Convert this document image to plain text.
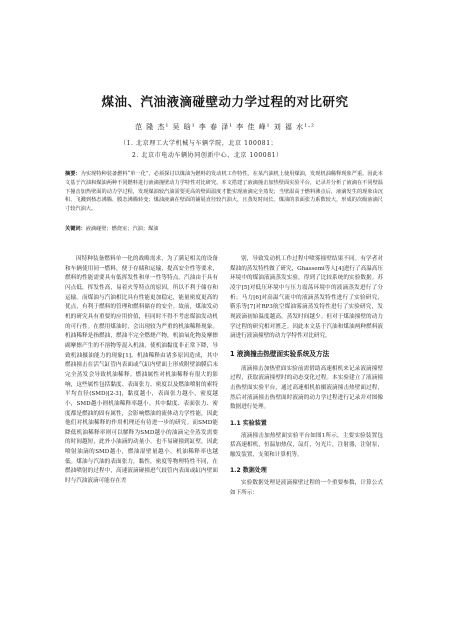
煤油、汽油液滴碰壁动力学过程的对比研究
范 隆 杰¹ 吴 晗¹ 李 春 泽¹ 李 佳 峰¹ 刘 福 水¹·²
（1. 北京理工大学机械与车辆学院，北京 100081；
2. 北京市电动车辆协同创新中心，北京 100081）
摘要：为实现特种装备燃料“单一化”，必须探讨以煤油为燃料的发动机工作特性。在某汽油机上使用煤油，发现机油稀释现象严重。因此本文基于汽油和煤油两种不同燃料进行液滴撞壁动力学特性对比研究。本文搭建了液滴撞击加热壁面实验平台，记录并分析了液滴在不同壁温下撞击加热壁面的动力学过程，发现煤油较汽油需要更高的壁面温度才能实现液滴完全蒸发；当壁温高于燃料沸点后，液滴发生的现象由沉积、飞溅到核态沸腾、膜态沸腾转变；煤油液滴在壁面的铺展直径较汽油大，且蒸发时间长。煤油的表面张力系数较大，形成的次级液滴尺寸较汽油大。
关键词：液滴碰壁；燃烧室；汽油；煤油

因特种装备燃料单一化的战略需求，为了满足相关的设备和车辆使用同一燃料，便于存储和运输，提高安全性等要求，燃料的性能需要具有低挥发性和单一性等特点。汽油由于具有闪点低，挥发性高，易着火等特点的原因，所以不利于储存和运输。而煤油与汽油相比具有性能更加稳定，能量密度更高的优点，有利于燃料的管理和燃料储存的安全。故前，煤油发动机的研究具有重要的应用价值，但同时不得不考虑煤油发动机的可行性。在燃用煤油时，会出现较为严重的机油稀释现象。机油稀释是指燃油，燃油不完全燃烧产物，机油氧化物及摩擦副摩擦产生的不溶物等混入机油，使机油黏度非正常下降，导致机油摄油能力的现象[1]。机油稀释由诸多原因造成，其中燃油撞击在活气缸管内表面或气缸内壁面上形成附壁油膜后未完全蒸发会导致机油稀释。燃油属性对机油稀释有很大的影响，这些属性包括黏度、表面张力、密度以及燃油喷射的索特平均直径(SMD)[2-3]，黏度越小，表面张力越小，密度越小，SMD越小则机油稀释率越小。其中黏度、表面张力、密度都是燃油的固有属性，会影响燃油的流体动力学性能，因此他们对机油稀释的作用机理还有待进一步的研究。而SMD能降低机油稀释率则可以解释为SMD越小的油滴完全蒸发需要的时间越短，此外小油滴的动量小，也不易碰撞到缸壁，因此喷射油滴的SMD越小，燃油湿壁量越小，机油稀释率也越低。煤油与汽油的表面张力，黏性，密度等物理特性不同，在燃油喷射的过程中，高速液滴碰撞进气歧管内表面或缸内壁面时与汽油液滴可能存在差

别，导致发动机工作过程中喷雾撞壁结果不同。有学者对煤油的蒸发特性做了研究，Ghassemi等人[4]进行了高温高压环境中的煤油液滴蒸发实验，得到了比较系统的实验数据。苏凌宇[5]对低压环境中与压力震荡环境中的液滴蒸发进行了分析；马力[6]对高温气流中的液滴蒸发特性进行了实验研究，靳乐等[7]对RP3航空煤油雾滴蒸发特性进行了实验研究，发现液滴初始温度越高，蒸发时间越少。但对于煤油撞壁的动力学过程的研究相对匮乏。因此本文基于汽油和煤油两种燃料液滴进行液滴撞壁的动力学特性对比研究。

1 液滴撞击热壁面实验系统及方法

液滴撞击加热壁面实验前需借助高速相机来记录液滴撞壁过程，获取液滴撞壁时的动态变化过程。本实验建立了液滴撞击热壁面实验平台，通过高速相机拍摄液滴撞击热壁面过程，然后对液滴撞击热壁面时液滴的动力学过程进行记录并对图像数据进行处理。

1.1 实验装置

液滴撞击加热壁面实验平台如图1所示，主要实验装置包括高速相机，恒温加热仪，氙灯，匀光片，注射器，注射泵，触发装置，支架和计算机等。

1.2 数据处理

实验数据处理是液滴撞壁过程的一个重要参数，计算公式如下所示：
